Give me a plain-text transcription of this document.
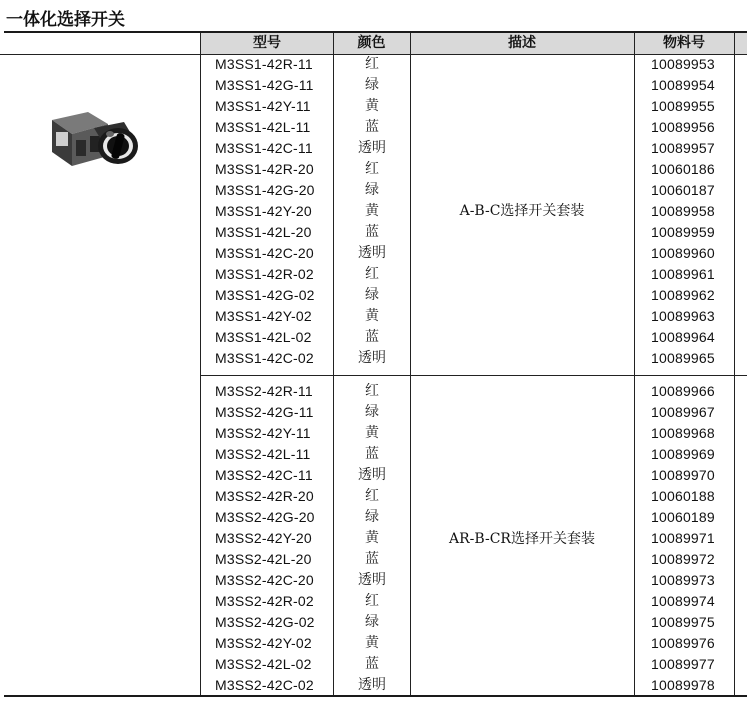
一体化选择开关
型号	颜色	描述	物料号
M3SS1-42R-11	红	10089953
M3SS1-42G-11	绿	10089954
M3SS1-42Y-11	黄	10089955
M3SS1-42L-11	蓝	10089956
M3SS1-42C-11	透明	10089957
M3SS1-42R-20	红	10060186
M3SS1-42G-20	绿	10060187
M3SS1-42Y-20	黄	10089958
M3SS1-42L-20	蓝	10089959
M3SS1-42C-20	透明	10089960
M3SS1-42R-02	红	10089961
M3SS1-42G-02	绿	10089962
M3SS1-42Y-02	黄	10089963
M3SS1-42L-02	蓝	10089964
M3SS1-42C-02	透明	10089965
A-B-C选择开关套装
M3SS2-42R-11	红	10089966
M3SS2-42G-11	绿	10089967
M3SS2-42Y-11	黄	10089968
M3SS2-42L-11	蓝	10089969
M3SS2-42C-11	透明	10089970
M3SS2-42R-20	红	10060188
M3SS2-42G-20	绿	10060189
M3SS2-42Y-20	黄	10089971
M3SS2-42L-20	蓝	10089972
M3SS2-42C-20	透明	10089973
M3SS2-42R-02	红	10089974
M3SS2-42G-02	绿	10089975
M3SS2-42Y-02	黄	10089976
M3SS2-42L-02	蓝	10089977
M3SS2-42C-02	透明	10089978
AR-B-CR选择开关套装
